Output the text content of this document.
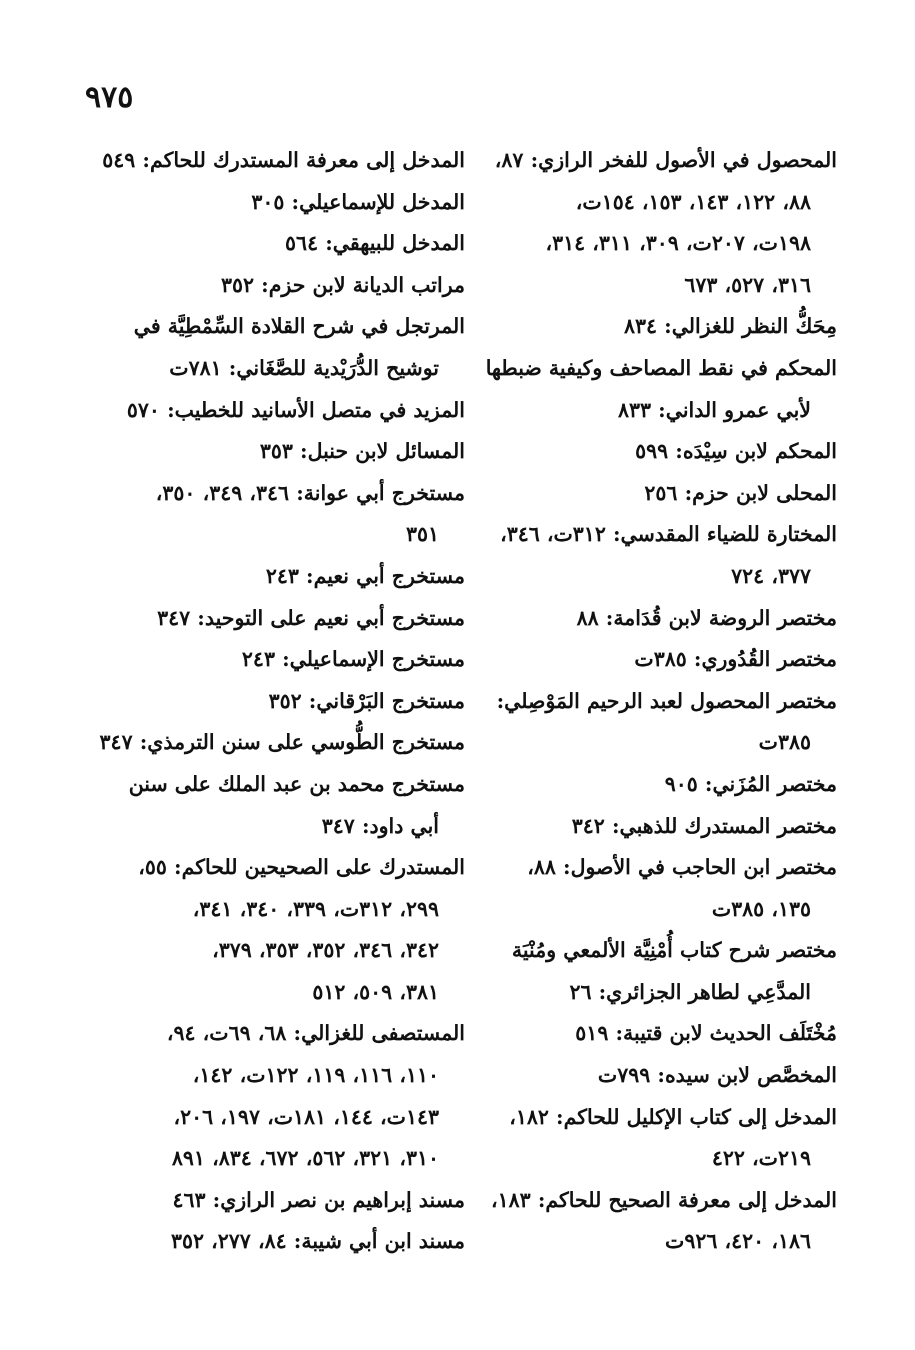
٩٧٥
المحصول في الأصول للفخر الرازي: ٨٧،
٨٨، ١٢٢، ١٤٣، ١٥٣، ١٥٤ت،
١٩٨ت، ٢٠٧ت، ٣٠٩، ٣١١، ٣١٤،
٣١٦، ٥٢٧، ٦٧٣
مِحَكُّ النظر للغزالي: ٨٣٤
المحكم في نقط المصاحف وكيفية ضبطها
لأبي عمرو الداني: ٨٣٣
المحكم لابن سِيْدَه: ٥٩٩
المحلى لابن حزم: ٢٥٦
المختارة للضياء المقدسي: ٣١٢ت، ٣٤٦،
٣٧٧، ٧٢٤
مختصر الروضة لابن قُدَامة: ٨٨
مختصر القُدُوري: ٣٨٥ت
مختصر المحصول لعبد الرحيم المَوْصِلي:
٣٨٥ت
مختصر المُزَني: ٩٠٥
مختصر المستدرك للذهبي: ٣٤٢
مختصر ابن الحاجب في الأصول: ٨٨،
١٣٥، ٣٨٥ت
مختصر شرح كتاب أُمْنِيَّة الألمعي ومُنْيَة
المدَّعِي لطاهر الجزائري: ٢٦
مُخْتَلَف الحديث لابن قتيبة: ٥١٩
المخصَّص لابن سيده: ٧٩٩ت
المدخل إلى كتاب الإكليل للحاكم: ١٨٢،
٢١٩ت، ٤٢٢
المدخل إلى معرفة الصحيح للحاكم: ١٨٣،
١٨٦، ٤٢٠، ٩٢٦ت
المدخل إلى معرفة المستدرك للحاكم: ٥٤٩
المدخل للإسماعيلي: ٣٠٥
المدخل للبيهقي: ٥٦٤
مراتب الديانة لابن حزم: ٣٥٢
المرتجل في شرح القلادة السِّمْطِيَّة في
توشيح الدُّرَيْدية للصَّغَاني: ٧٨١ت
المزيد في متصل الأسانيد للخطيب: ٥٧٠
المسائل لابن حنبل: ٣٥٣
مستخرج أبي عوانة: ٣٤٦، ٣٤٩، ٣٥٠،
٣٥١
مستخرج أبي نعيم: ٢٤٣
مستخرج أبي نعيم على التوحيد: ٣٤٧
مستخرج الإسماعيلي: ٢٤٣
مستخرج البَرْقاني: ٣٥٢
مستخرج الطُّوسي على سنن الترمذي: ٣٤٧
مستخرج محمد بن عبد الملك على سنن
أبي داود: ٣٤٧
المستدرك على الصحيحين للحاكم: ٥٥،
٢٩٩، ٣١٢ت، ٣٣٩، ٣٤٠، ٣٤١،
٣٤٢، ٣٤٦، ٣٥٢، ٣٥٣، ٣٧٩،
٣٨١، ٥٠٩، ٥١٢
المستصفى للغزالي: ٦٨، ٦٩ت، ٩٤،
١١٠، ١١٦، ١١٩، ١٢٢ت، ١٤٢،
١٤٣ت، ١٤٤، ١٨١ت، ١٩٧، ٢٠٦،
٣١٠، ٣٢١، ٥٦٢، ٦٧٢، ٨٣٤، ٨٩١
مسند إبراهيم بن نصر الرازي: ٤٦٣
مسند ابن أبي شيبة: ٨٤، ٢٧٧، ٣٥٢
